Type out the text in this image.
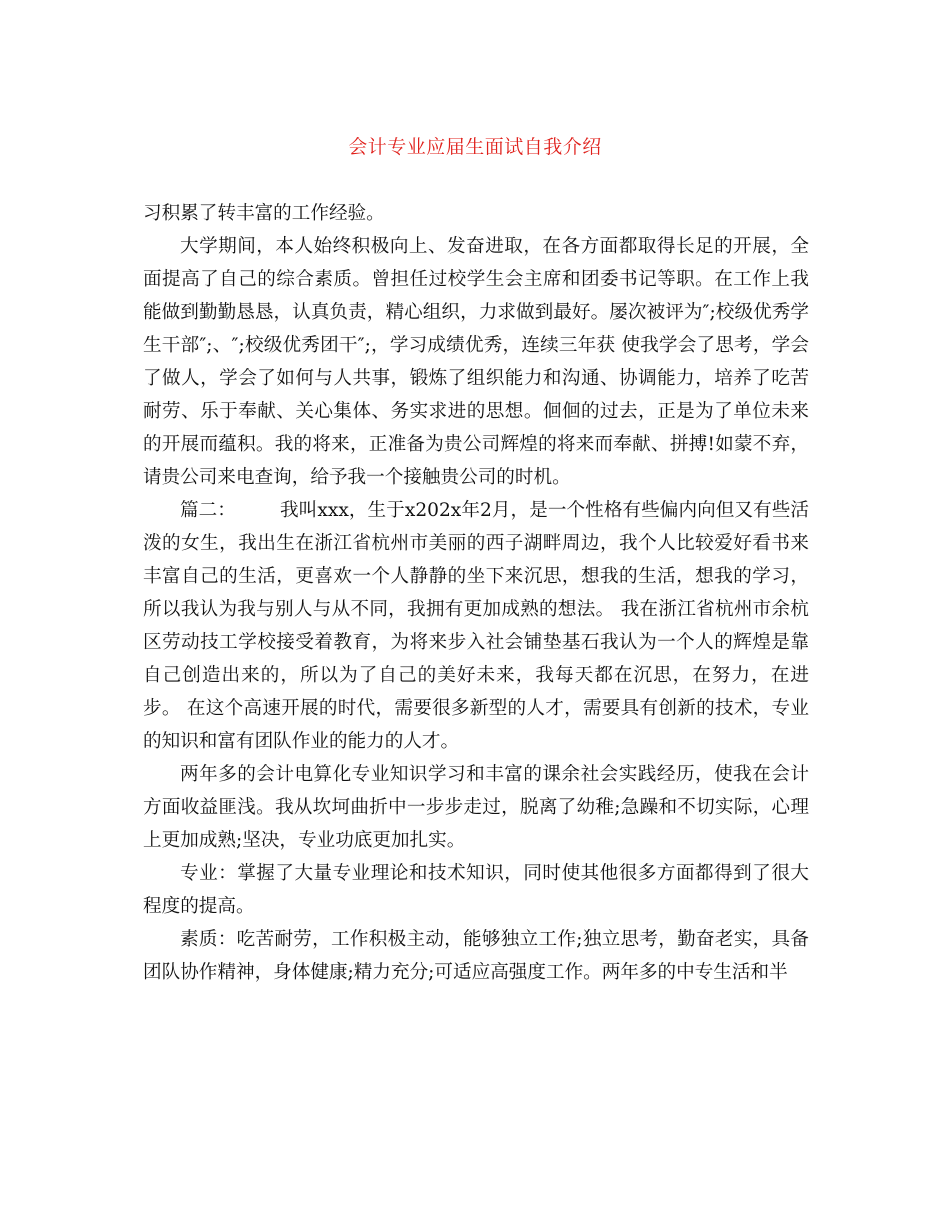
会计专业应届生面试自我介绍

习积累了转丰富的工作经验。

大学期间，本人始终积极向上、发奋进取，在各方面都取得长足的开展，全面提高了自己的综合素质。曾担任过校学生会主席和团委书记等职。在工作上我能做到勤勤恳恳，认真负责，精心组织，力求做到最好。屡次被评为″;校级优秀学生干部″;、″;校级优秀团干″;，学习成绩优秀，连续三年获 使我学会了思考，学会了做人，学会了如何与人共事，锻炼了组织能力和沟通、协调能力，培养了吃苦耐劳、乐于奉献、关心集体、务实求进的思想。佪佪的过去，正是为了单位未来的开展而蕴积。我的将来，正准备为贵公司辉煌的将来而奉献、拼搏!如蒙不弃，请贵公司来电查询，给予我一个接触贵公司的时机。

篇二： 我叫xxx，生于x202x年2月，是一个性格有些偏内向但又有些活泼的女生，我出生在浙江省杭州市美丽的西子湖畔周边，我个人比较爱好看书来丰富自己的生活，更喜欢一个人静静的坐下来沉思，想我的生活，想我的学习，所以我认为我与别人与从不同，我拥有更加成熟的想法。 我在浙江省杭州市余杭区劳动技工学校接受着教育，为将来步入社会铺垫基石我认为一个人的辉煌是靠自己创造出来的，所以为了自己的美好未来，我每天都在沉思，在努力，在进步。 在这个高速开展的时代，需要很多新型的人才，需要具有创新的技术，专业的知识和富有团队作业的能力的人才。

两年多的会计电算化专业知识学习和丰富的课余社会实践经历，使我在会计方面收益匪浅。我从坎坷曲折中一步步走过，脱离了幼稚;急躁和不切实际，心理上更加成熟;坚决，专业功底更加扎实。

专业：掌握了大量专业理论和技术知识，同时使其他很多方面都得到了很大程度的提高。

素质：吃苦耐劳，工作积极主动，能够独立工作;独立思考，勤奋老实，具备团队协作精神，身体健康;精力充分;可适应高强度工作。两年多的中专生活和半
